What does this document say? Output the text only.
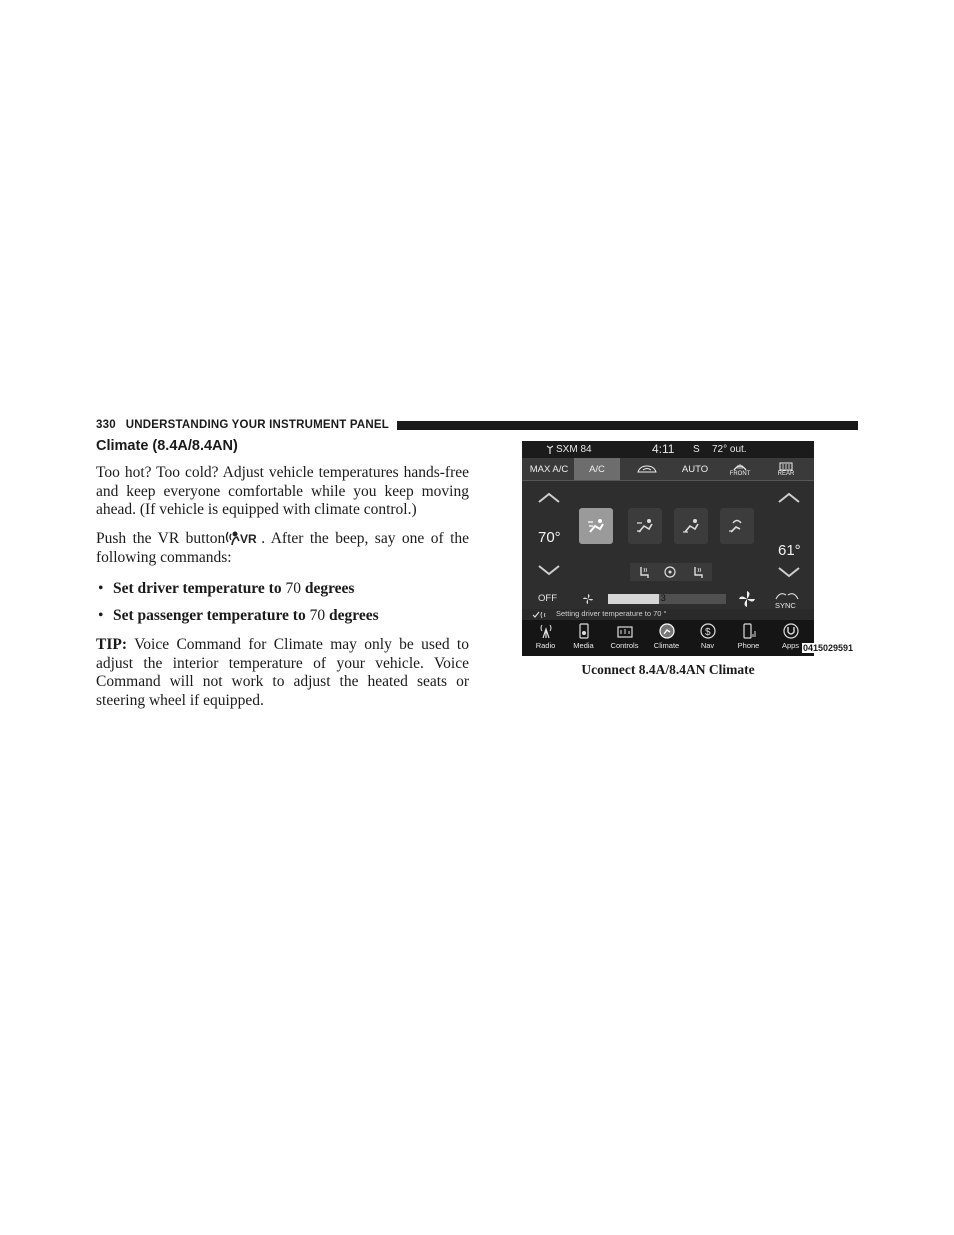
330 UNDERSTANDING YOUR INSTRUMENT PANEL
Climate (8.4A/8.4AN)

Too hot? Too cold? Adjust vehicle temperatures hands-free and keep everyone comfortable while you keep moving ahead. (If vehicle is equipped with climate control.)

Push the VR button VR . After the beep, say one of the following commands:

• Set driver temperature to 70 degrees
• Set passenger temperature to 70 degrees

TIP: Voice Command for Climate may only be used to adjust the interior temperature of your vehicle. Voice Command will not work to adjust the heated seats or steering wheel if equipped.

SXM 84	4:11 S 72° out.
MAX A/C A/C	AUTO	FRONT	REAR
70°
61°
OFF	3
SYNC
Setting driver temperature to 70 °
Radio	Media	Controls	Climate
$
Nav	Phone	Apps 0415029591
Uconnect 8.4A/8.4AN Climate
